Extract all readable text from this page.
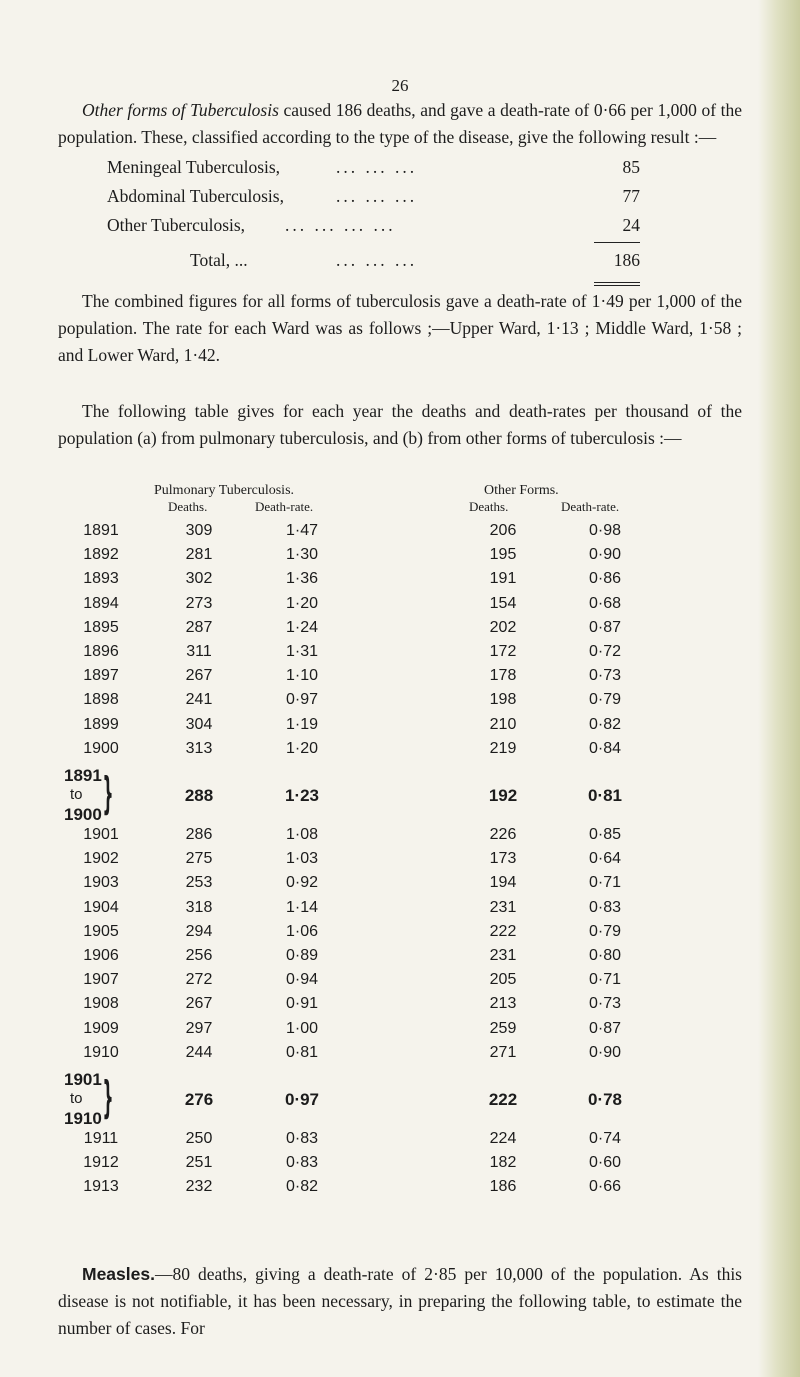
26

Other forms of Tuberculosis caused 186 deaths, and gave a death-rate of 0·66 per 1,000 of the population. These, classified according to the type of the disease, give the following result :—

Meningeal Tuberculosis,	... ... ...	85
Abdominal Tuberculosis,	... ... ...	77
Other Tuberculosis, ... ... ... ...	24
Total, ...	... ... ...	186

The combined figures for all forms of tuberculosis gave a death-rate of 1·49 per 1,000 of the population. The rate for each Ward was as follows ;—Upper Ward, 1·13 ; Middle Ward, 1·58 ; and Lower Ward, 1·42.

The following table gives for each year the deaths and death-rates per thousand of the population (a) from pulmonary tuberculosis, and (b) from other forms of tuberculosis :—

Pulmonary Tuberculosis.	Other Forms.
Deaths.	Death-rate.	Deaths.	Death-rate.
1891	309	1·47	206	0·98
1892	281	1·30	195	0·90
1893	302	1·36	191	0·86
1894	273	1·20	154	0·68
1895	287	1·24	202	0·87
1896	311	1·31	172	0·72
1897	267	1·10	178	0·73
1898	241	0·97	198	0·79
1899	304	1·19	210	0·82
1900	313	1·20	219	0·84
1891
to
1900 }	288	1·23	192	0·81
1901	286	1·08	226	0·85
1902	275	1·03	173	0·64
1903	253	0·92	194	0·71
1904	318	1·14	231	0·83
1905	294	1·06	222	0·79
1906	256	0·89	231	0·80
1907	272	0·94	205	0·71
1908	267	0·91	213	0·73
1909	297	1·00	259	0·87
1910	244	0·81	271	0·90
1901
to
1910 }	276	0·97	222	0·78
1911	250	0·83	224	0·74
1912	251	0·83	182	0·60
1913	232	0·82	186	0·66

Measles.—80 deaths, giving a death-rate of 2·85 per 10,000 of the population. As this disease is not notifiable, it has been necessary, in preparing the following table, to estimate the number of cases. For
